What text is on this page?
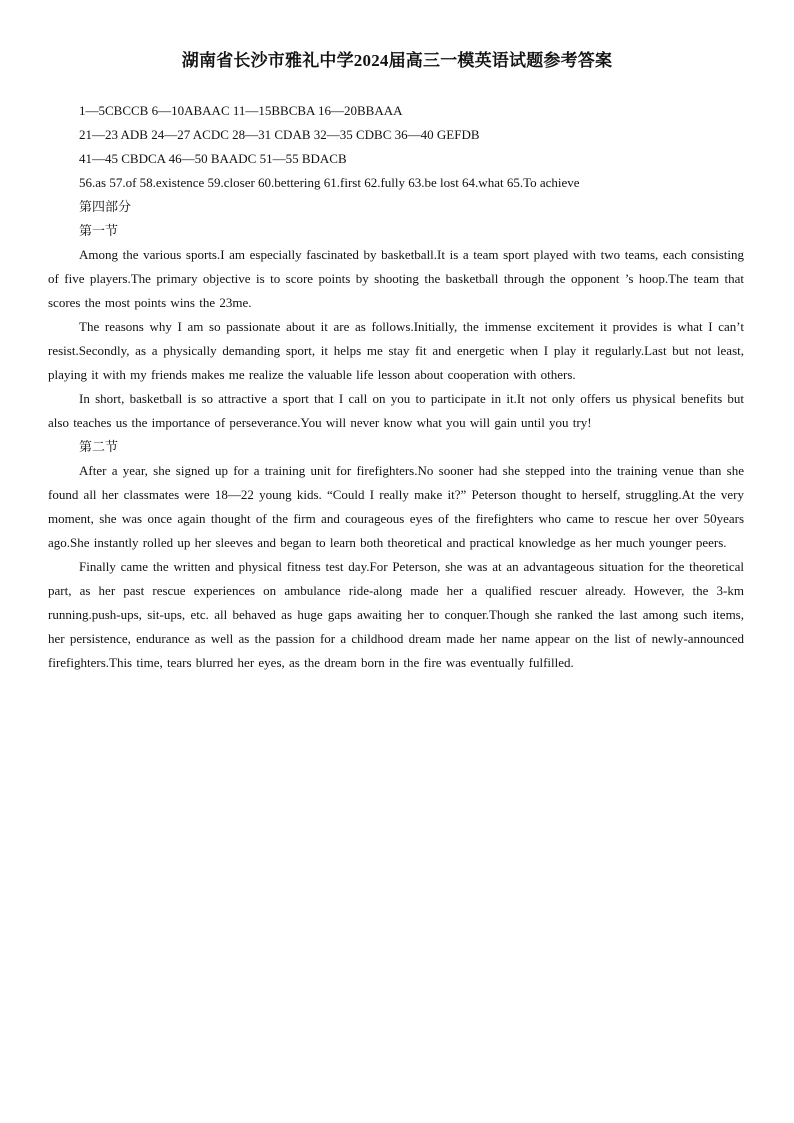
湖南省长沙市雅礼中学2024届高三一模英语试题参考答案
1—5CBCCB 6—10ABAAC 11—15BBCBA 16—20BBAAA
21—23 ADB 24—27 ACDC 28—31 CDAB 32—35 CDBC 36—40 GEFDB
41—45 CBDCA 46—50 BAADC 51—55 BDACB
56.as 57.of 58.existence 59.closer 60.bettering 61.first 62.fully 63.be lost 64.what 65.To achieve
第四部分
第一节

Among the various sports.I am especially fascinated by basketball.It is a team sport played with two teams, each consisting of five players.The primary objective is to score points by shooting the basketball through the opponent ’s hoop.The team that scores the most points wins the 23me.

The reasons why I am so passionate about it are as follows.Initially, the immense excitement it provides is what I can’t resist.Secondly, as a physically demanding sport, it helps me stay fit and energetic when I play it regularly.Last but not least, playing it with my friends makes me realize the valuable life lesson about cooperation with others.

In short, basketball is so attractive a sport that I call on you to participate in it.It not only offers us physical benefits but also teaches us the importance of perseverance.You will never know what you will gain until you try!

第二节

After a year, she signed up for a training unit for firefighters.No sooner had she stepped into the training venue than she found all her classmates were 18—22 young kids. “Could I really make it?” Peterson thought to herself, struggling.At the very moment, she was once again thought of the firm and courageous eyes of the firefighters who came to rescue her over 50years ago.She instantly rolled up her sleeves and began to learn both theoretical and practical knowledge as her much younger peers.

Finally came the written and physical fitness test day.For Peterson, she was at an advantageous situation for the theoretical part, as her past rescue experiences on ambulance ride-along made her a qualified rescuer already. However, the 3-km running.push-ups, sit-ups, etc. all behaved as huge gaps awaiting her to conquer.Though she ranked the last among such items, her persistence, endurance as well as the passion for a childhood dream made her name appear on the list of newly-announced firefighters.This time, tears blurred her eyes, as the dream born in the fire was eventually fulfilled.
